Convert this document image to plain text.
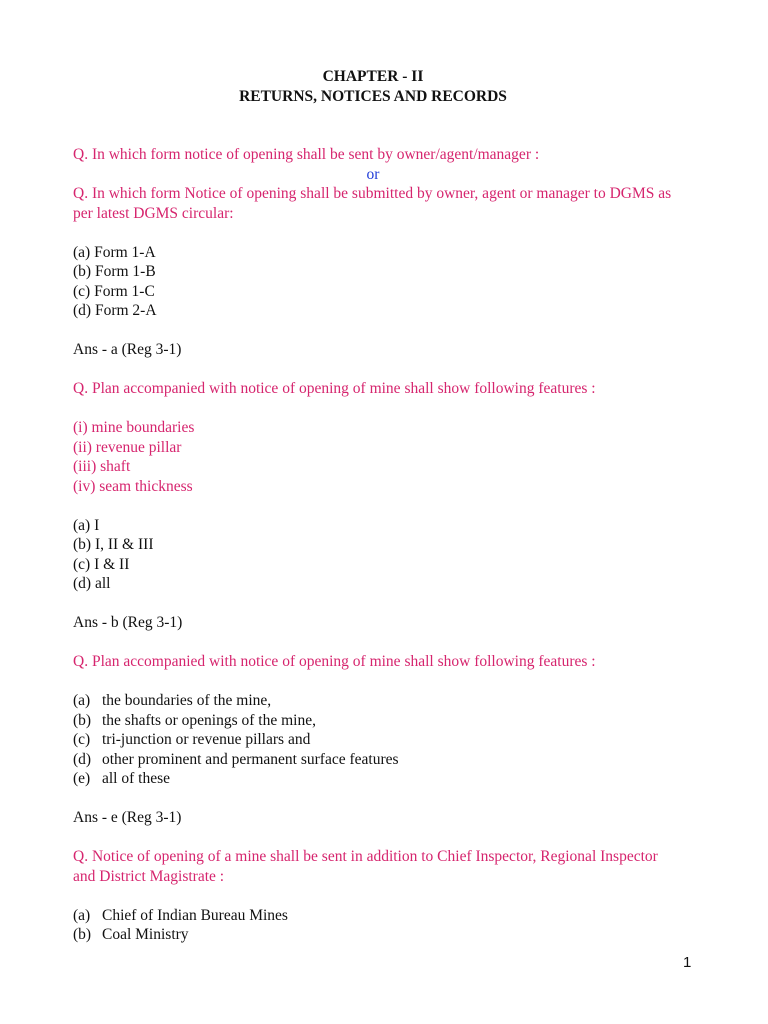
CHAPTER - II
RETURNS, NOTICES AND RECORDS
Q. In which form notice of opening shall be sent by owner/agent/manager :
or
Q. In which form Notice of opening shall be submitted by owner, agent or manager to DGMS as per latest DGMS circular:
(a) Form 1-A
(b) Form 1-B
(c) Form 1-C
(d) Form 2-A
Ans - a (Reg 3-1)
Q. Plan accompanied with notice of opening of mine shall show following features :
(i) mine boundaries
(ii) revenue pillar
(iii) shaft
(iv) seam thickness
(a) I
(b) I, II & III
(c) I & II
(d) all
Ans - b (Reg 3-1)
Q. Plan accompanied with notice of opening of mine shall show following features :
(a) the boundaries of the mine,
(b) the shafts or openings of the mine,
(c) tri-junction or revenue pillars and
(d) other prominent and permanent surface features
(e) all of these
Ans - e (Reg 3-1)
Q. Notice of opening of a mine shall be sent in addition to Chief Inspector, Regional Inspector and District Magistrate :
(a) Chief of Indian Bureau Mines
(b) Coal Ministry
1
